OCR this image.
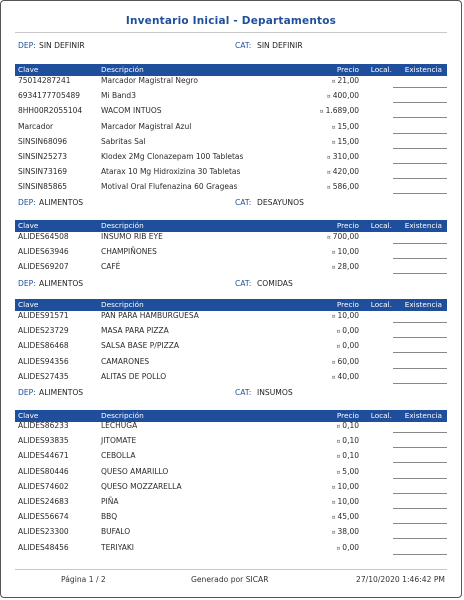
Inventario Inicial - Departamentos
Página 1 / 2	Generado por SICAR	27/10/2020 1:46:42 PM
DEP: SIN DEFINIR	CAT: SIN DEFINIR
Clave	Descripción	Precio Local. Existencia
75014287241	Marcador Magistral Negro	¤ 21,00
6934177705489	Mi Band3	¤ 400,00
8HH00R2055104	WACOM INTUOS	¤ 1.689,00
Marcador	Marcador Magistral Azul	¤ 15,00
SINSIN68096	Sabritas Sal	¤ 15,00
SINSIN25273	Klodex 2Mg Clonazepam 100 Tabletas	¤ 310,00
SINSIN73169	Atarax 10 Mg Hidroxizina 30 Tabletas	¤ 420,00
SINSIN85865	Motival Oral Flufenazina 60 Grageas	¤ 586,00
DEP: ALIMENTOS	CAT: DESAYUNOS
Clave	Descripción	Precio Local. Existencia
ALIDES64508	INSUMO RIB EYE	¤ 700,00
ALIDES63946	CHAMPIÑONES	¤ 10,00
ALIDES69207	CAFÉ	¤ 28,00
DEP: ALIMENTOS	CAT: COMIDAS
Clave	Descripción	Precio Local. Existencia
ALIDES91571	PAN PARA HAMBURGUESA	¤ 10,00
ALIDES23729	MASA PARA PIZZA	¤ 0,00
ALIDES86468	SALSA BASE P/PIZZA	¤ 0,00
ALIDES94356	CAMARONES	¤ 60,00
ALIDES27435	ALITAS DE POLLO	¤ 40,00
DEP: ALIMENTOS	CAT: INSUMOS
Clave	Descripción	Precio Local. Existencia
ALIDES86233	LECHUGA	¤ 0,10
ALIDES93835	JITOMATE	¤ 0,10
ALIDES44671	CEBOLLA	¤ 0,10
ALIDES80446	QUESO AMARILLO	¤ 5,00
ALIDES74602	QUESO MOZZARELLA	¤ 10,00
ALIDES24683	PIÑA	¤ 10,00
ALIDES56674	BBQ	¤ 45,00
ALIDES23300	BUFALO	¤ 38,00
ALIDES48456	TERIYAKI	¤ 0,00
